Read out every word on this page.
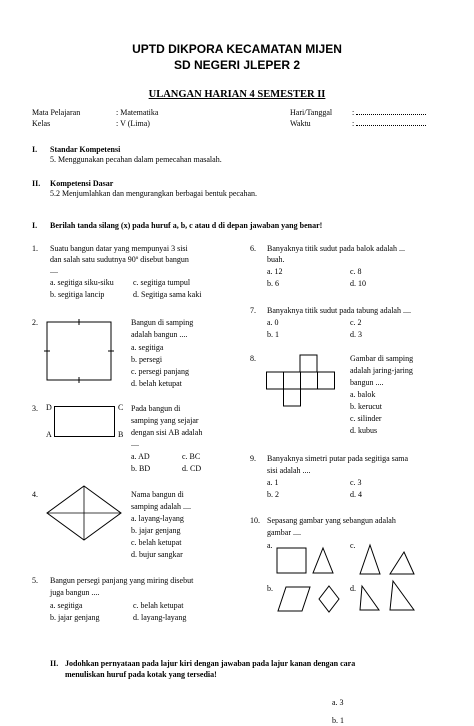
UPTD DIKPORA KECAMATAN MIJEN
SD NEGERI JLEPER 2
ULANGAN HARIAN 4 SEMESTER II
Mata Pelajaran	: Matematika
Kelas	: V (Lima)
Hari/Tanggal :
Waktu	:
I. Standar Kompetensi
5. Menggunakan pecahan dalam pemecahan masalah.
II. Kompetensi Dasar
5.2 Menjumlahkan dan mengurangkan berbagai bentuk pecahan.
I. Berilah tanda silang (x) pada huruf a, b, c atau d di depan jawaban yang benar!
1. Suatu bangun datar yang mempunyai 3 sisi
dan salah satu sudutnya 90º disebut bangun
....
a. segitiga siku-siku c. segitiga tumpul
b. segitiga lancip	d. Segitiga sama kaki
2.	Bangun di samping
adalah bangun ....
a. segitiga
b. persegi
c. persegi panjang
d. belah ketupat
3. D	C
A	B
Pada bangun di
samping yang sejajar
dengan sisi AB adalah
....
a. AD	c. BC
b. BD	d. CD
4.	Nama bangun di
samping adalah ....
a. layang-layang
b. jajar genjang
c. belah ketupat
d. bujur sangkar
5. Bangun persegi panjang yang miring disebut
juga bangun ....
a. segitiga	c. belah ketupat
b. jajar genjang	d. layang-layang
6. Banyaknya titik sudut pada balok adalah ...
buah.
a. 12	c. 8
b. 6	d. 10
7. Banyaknya titik sudut pada tabung adalah ....
a. 0	c. 2
b. 1	d. 3
8.	Gambar di samping
adalah jaring-jaring
bangun ....
a. balok
b. kerucut
c. silinder
d. kubus
9. Banyaknya simetri putar pada segitiga sama
sisi adalah ....
a. 1	c. 3
b. 2	d. 4
10. Sepasang gambar yang sebangun adalah
gambar ....
a.	c.
b.	d.
II. Jodohkan pernyataan pada lajur kiri dengan jawaban pada lajur kanan dengan cara
menuliskan huruf pada kotak yang tersedia!
a. 3
b. 1
